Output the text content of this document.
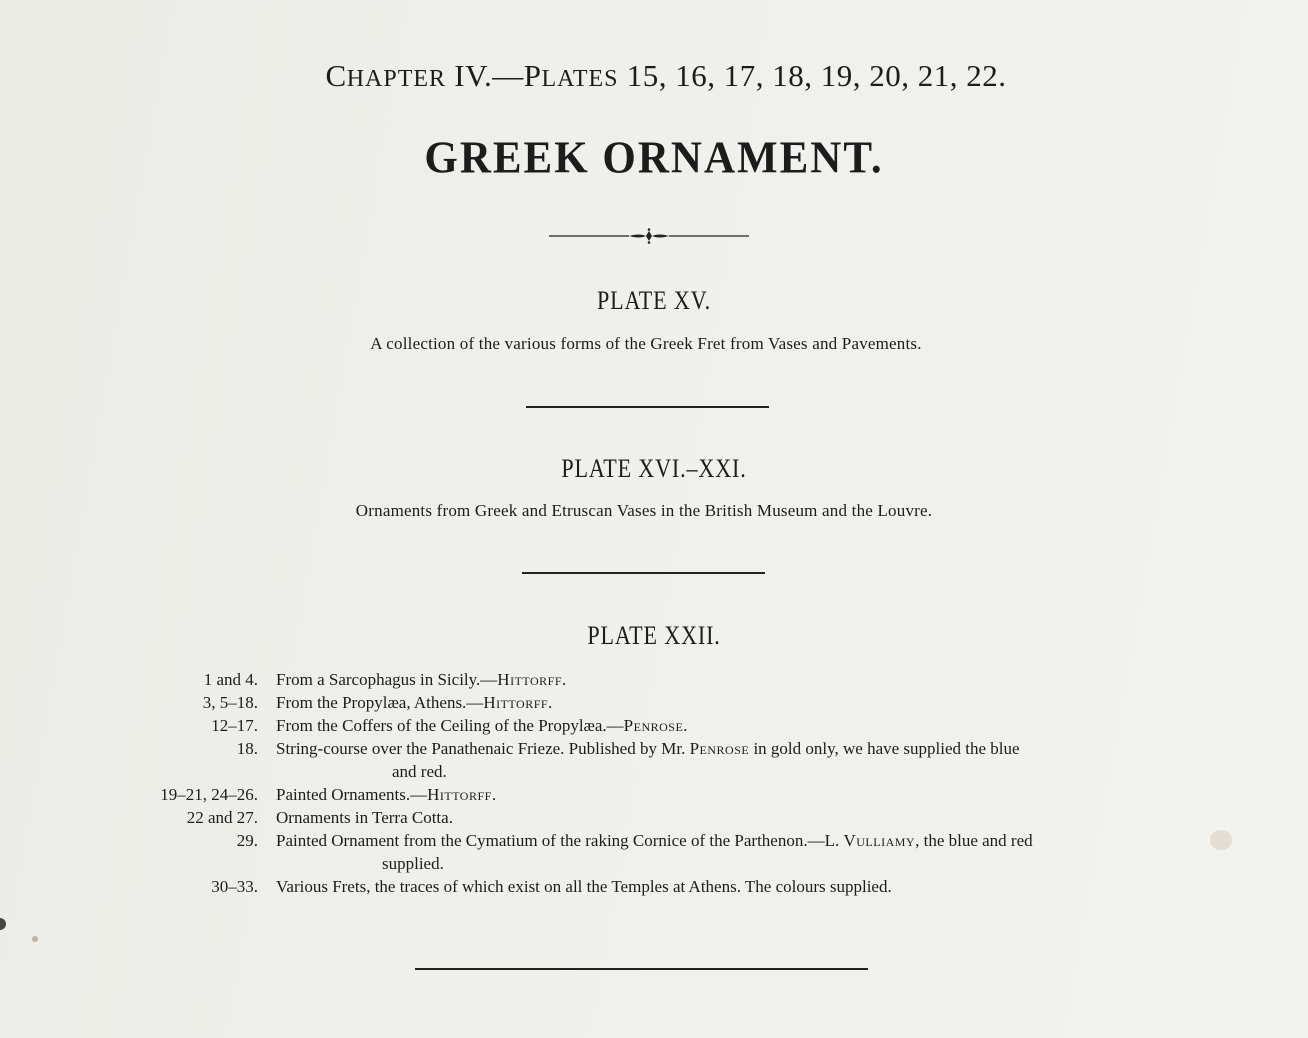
CHAPTER IV.—PLATES 15, 16, 17, 18, 19, 20, 21, 22.
GREEK ORNAMENT.
PLATE XV.
A collection of the various forms of the Greek Fret from Vases and Pavements.
PLATE XVI.–XXI.
Ornaments from Greek and Etruscan Vases in the British Museum and the Louvre.
PLATE XXII.
1 and 4. From a Sarcophagus in Sicily.—Hittorff.
3, 5–18. From the Propylæa, Athens.—Hittorff.
12–17. From the Coffers of the Ceiling of the Propylæa.—Penrose.
18. String-course over the Panathenaic Frieze. Published by Mr. Penrose in gold only, we have supplied the blue
and red.
19–21, 24–26. Painted Ornaments.—Hittorff.
22 and 27. Ornaments in Terra Cotta.
29. Painted Ornament from the Cymatium of the raking Cornice of the Parthenon.—L. Vulliamy, the blue and red
supplied.
30–33. Various Frets, the traces of which exist on all the Temples at Athens. The colours supplied.
